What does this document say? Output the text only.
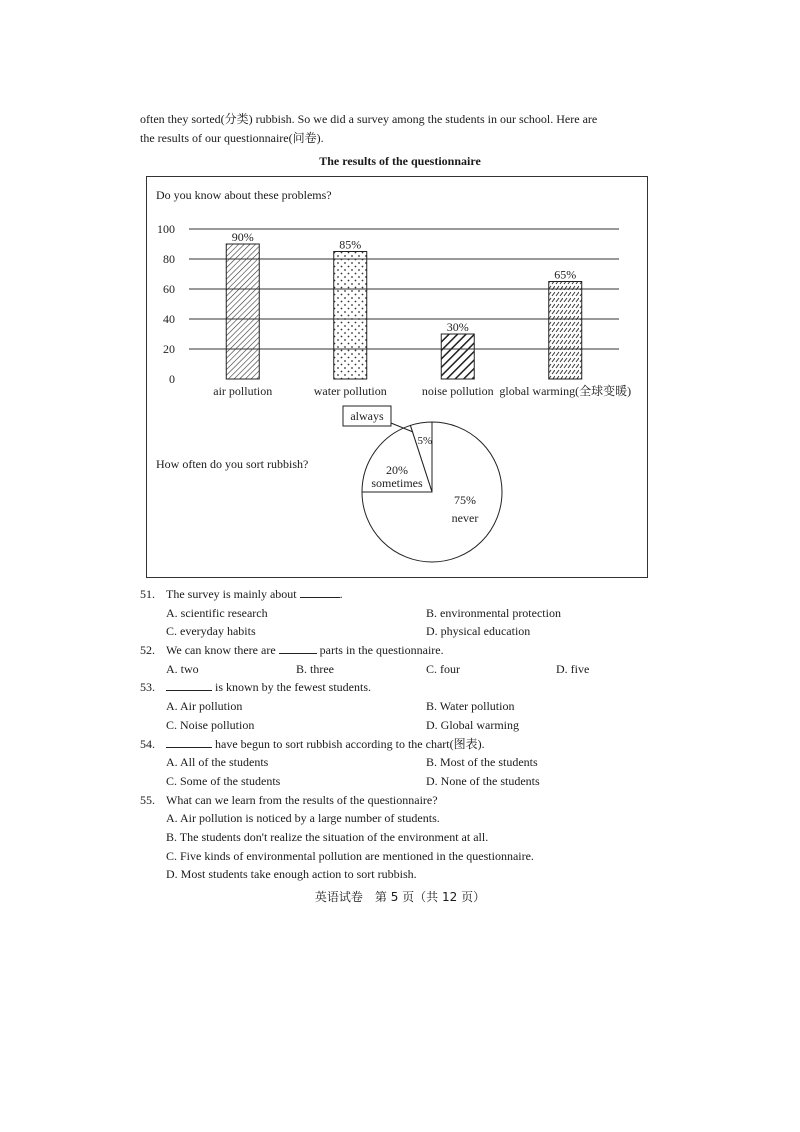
often they sorted(分类) rubbish. So we did a survey among the students in our school. Here are
the results of our questionnaire(问卷).
The results of the questionnaire
0
20
40
60
80
100
90%
air pollution
85%
water pollution
30%
noise pollution
65%
global warming(全球变暖)
5%
always
20%
sometimes
75%
never
Do you know about these problems?
How often do you sort rubbish?
51. The survey is mainly about	.
A. scientific research	B. environmental protection
C. everyday habits	D. physical education
52. We can know there are	parts in the questionnaire.
A. two	B. three	C. four	D. five
53.	is known by the fewest students.
A. Air pollution	B. Water pollution
C. Noise pollution	D. Global warming
54.	have begun to sort rubbish according to the chart(图表).
A. All of the students	B. Most of the students
C. Some of the students	D. None of the students
55. What can we learn from the results of the questionnaire?
A. Air pollution is noticed by a large number of students.
B. The students don't realize the situation of the environment at all.
C. Five kinds of environmental pollution are mentioned in the questionnaire.
D. Most students take enough action to sort rubbish.
英语试卷　第 5 页（共 12 页）
